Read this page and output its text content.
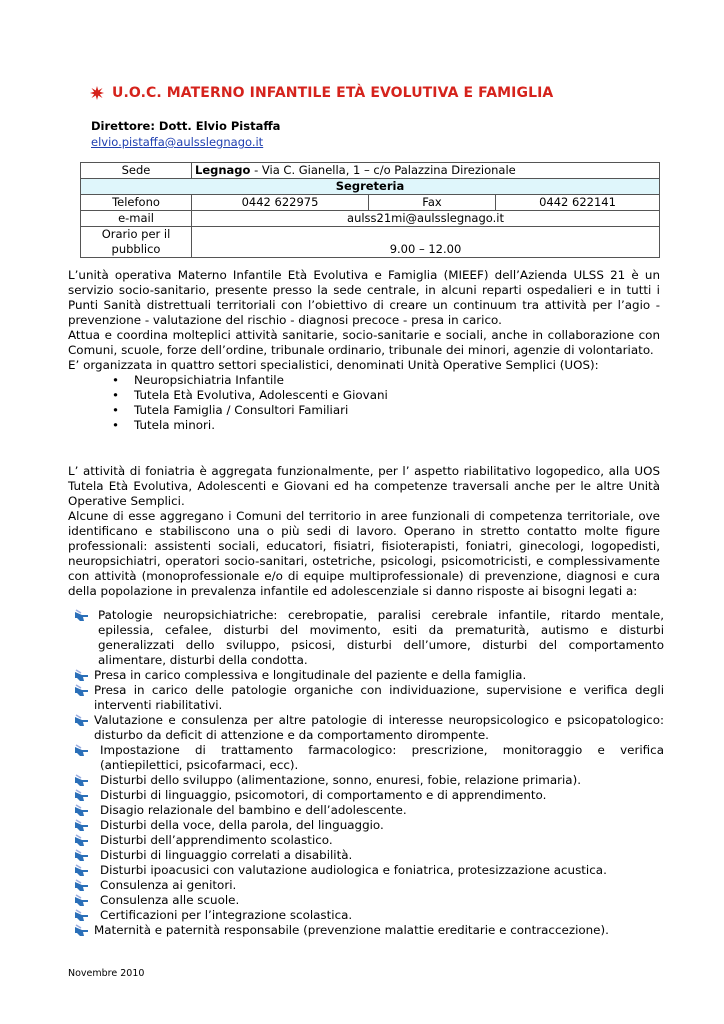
U.O.C. MATERNO INFANTILE ETÀ EVOLUTIVA E FAMIGLIA
Direttore: Dott. Elvio Pistaffa
elvio.pistaffa@aulsslegnago.it
Sede	Legnago - Via C. Gianella, 1 – c/o Palazzina Direzionale		
Segreteria			
Telefono	0442 622975	Fax	0442 622141
e-mail	aulss21mi@aulsslegnago.it		

Orario per il
pubblico	9.00 – 12.00		
L’unità operativa Materno Infantile Età Evolutiva e Famiglia (MIEEF) dell’Azienda ULSS 21 è un servizio socio-sanitario, presente presso la sede centrale, in alcuni reparti ospedalieri e in tutti i Punti Sanità distrettuali territoriali con l’obiettivo di creare un continuum tra attività per l’agio - prevenzione - valutazione del rischio - diagnosi precoce - presa in carico.
Attua e coordina molteplici attività sanitarie, socio-sanitarie e sociali, anche in collaborazione con Comuni, scuole, forze dell’ordine, tribunale ordinario, tribunale dei minori, agenzie di volontariato.
E’ organizzata in quattro settori specialistici, denominati Unità Operative Semplici (UOS):
• Neuropsichiatria Infantile
• Tutela Età Evolutiva, Adolescenti e Giovani
• Tutela Famiglia / Consultori Familiari
• Tutela minori.
L’ attività di foniatria è aggregata funzionalmente, per l’ aspetto riabilitativo logopedico, alla UOS Tutela Età Evolutiva, Adolescenti e Giovani ed ha competenze traversali anche per le altre Unità Operative Semplici.
Alcune di esse aggregano i Comuni del territorio in aree funzionali di competenza territoriale, ove identificano e stabiliscono una o più sedi di lavoro. Operano in stretto contatto molte figure professionali: assistenti sociali, educatori, fisiatri, fisioterapisti, foniatri, ginecologi, logopedisti, neuropsichiatri, operatori socio-sanitari, ostetriche, psicologi, psicomotricisti, e complessivamente con attività (monoprofessionale e/o di equipe multiprofessionale) di prevenzione, diagnosi e cura della popolazione in prevalenza infantile ed adolescenziale si danno risposte ai bisogni legati a:
Patologie neuropsichiatriche: cerebropatie, paralisi cerebrale infantile, ritardo mentale, epilessia, cefalee, disturbi del movimento, esiti da prematurità, autismo e disturbi generalizzati dello sviluppo, psicosi, disturbi dell’umore, disturbi del comportamento alimentare, disturbi della condotta.
Presa in carico complessiva e longitudinale del paziente e della famiglia.
Presa in carico delle patologie organiche con individuazione, supervisione e verifica degli interventi riabilitativi.
Valutazione e consulenza per altre patologie di interesse neuropsicologico e psicopatologico: disturbo da deficit di attenzione e da comportamento dirompente.
Impostazione di trattamento farmacologico: prescrizione, monitoraggio e verifica (antiepilettici, psicofarmaci, ecc).
Disturbi dello sviluppo (alimentazione, sonno, enuresi, fobie, relazione primaria).
Disturbi di linguaggio, psicomotori, di comportamento e di apprendimento.
Disagio relazionale del bambino e dell’adolescente.
Disturbi della voce, della parola, del linguaggio.
Disturbi dell’apprendimento scolastico.
Disturbi di linguaggio correlati a disabilità.
Disturbi ipoacusici con valutazione audiologica e foniatrica, protesizzazione acustica.
Consulenza ai genitori.
Consulenza alle scuole.
Certificazioni per l’integrazione scolastica.
Maternità e paternità responsabile (prevenzione malattie ereditarie e contraccezione).
Novembre 2010
